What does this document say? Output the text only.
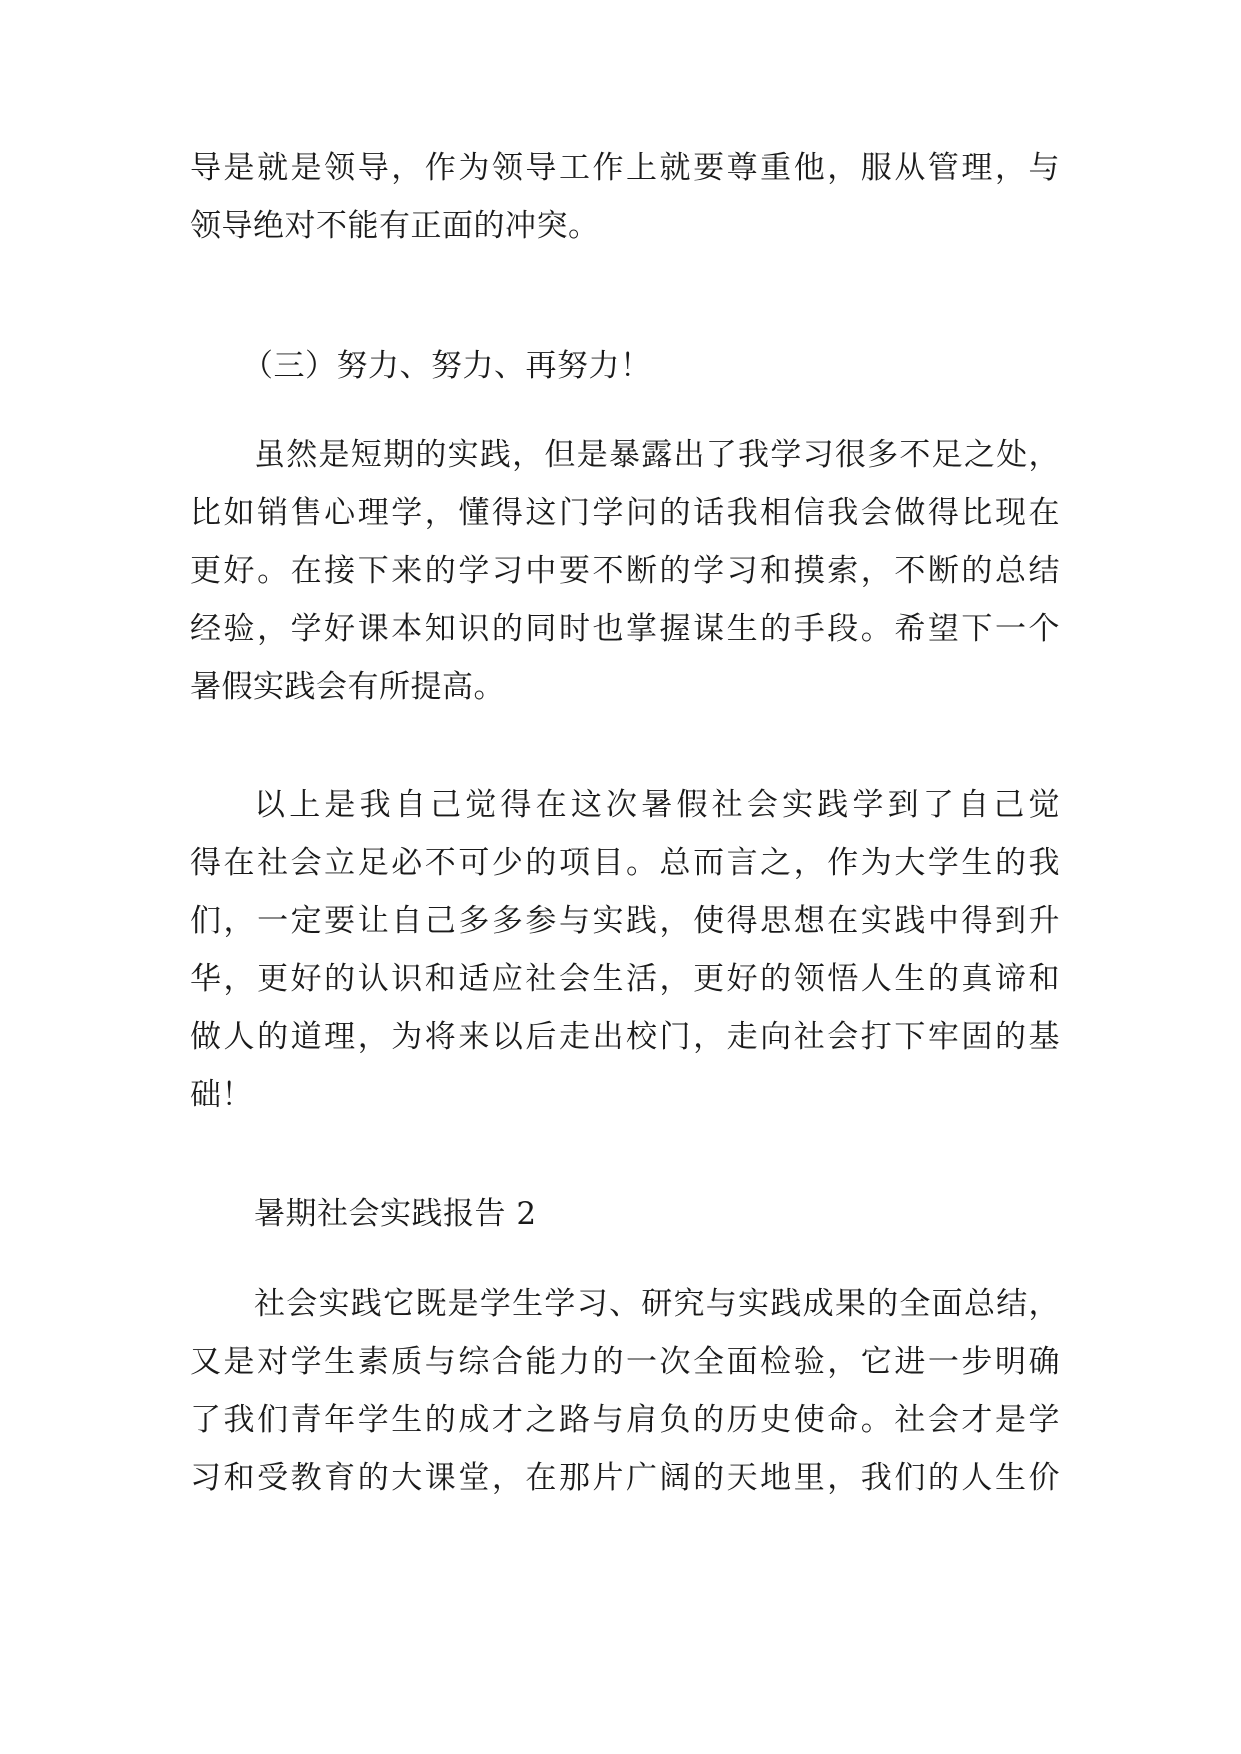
导是就是领导，作为领导工作上就要尊重他，服从管理，与
领导绝对不能有正面的冲突。
（三）努力、努力、再努力！
虽然是短期的实践，但是暴露出了我学习很多不足之处，
比如销售心理学，懂得这门学问的话我相信我会做得比现在
更好。在接下来的学习中要不断的学习和摸索，不断的总结
经验，学好课本知识的同时也掌握谋生的手段。希望下一个
暑假实践会有所提高。
以上是我自己觉得在这次暑假社会实践学到了自己觉
得在社会立足必不可少的项目。总而言之，作为大学生的我
们，一定要让自己多多参与实践，使得思想在实践中得到升
华，更好的认识和适应社会生活，更好的领悟人生的真谛和
做人的道理，为将来以后走出校门，走向社会打下牢固的基
础！
暑期社会实践报告 2
社会实践它既是学生学习、研究与实践成果的全面总结，
又是对学生素质与综合能力的一次全面检验，它进一步明确
了我们青年学生的成才之路与肩负的历史使命。社会才是学
习和受教育的大课堂，在那片广阔的天地里，我们的人生价
